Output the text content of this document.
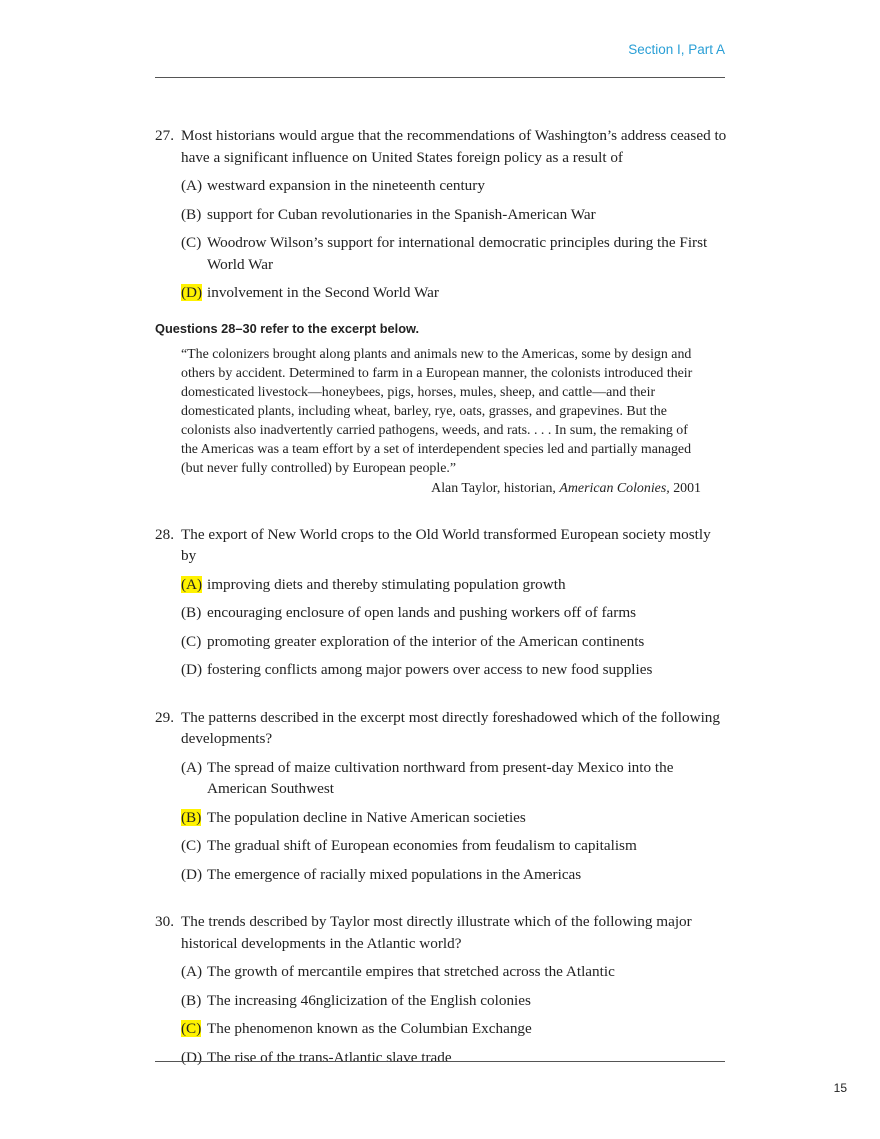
Section I, Part A
27. Most historians would argue that the recommendations of Washington’s address ceased to have a significant influence on United States foreign policy as a result of
(A) westward expansion in the nineteenth century
(B) support for Cuban revolutionaries in the Spanish-American War
(C) Woodrow Wilson’s support for international democratic principles during the First World War
(D) involvement in the Second World War
Questions 28–30 refer to the excerpt below.

“The colonizers brought along plants and animals new to the Americas, some by design and others by accident. Determined to farm in a European manner, the colonists introduced their domesticated livestock—honeybees, pigs, horses, mules, sheep, and cattle—and their domesticated plants, including wheat, barley, rye, oats, grasses, and grapevines. But the colonists also inadvertently carried pathogens, weeds, and rats. . . . In sum, the remaking of the Americas was a team effort by a set of interdependent species led and partially managed (but never fully controlled) by European people.”

Alan Taylor, historian, American Colonies, 2001
28. The export of New World crops to the Old World transformed European society mostly by
(A) improving diets and thereby stimulating population growth
(B) encouraging enclosure of open lands and pushing workers off of farms
(C) promoting greater exploration of the interior of the American continents
(D) fostering conflicts among major powers over access to new food supplies
29. The patterns described in the excerpt most directly foreshadowed which of the following developments?
(A) The spread of maize cultivation northward from present-day Mexico into the American Southwest
(B) The population decline in Native American societies
(C) The gradual shift of European economies from feudalism to capitalism
(D) The emergence of racially mixed populations in the Americas
30. The trends described by Taylor most directly illustrate which of the following major historical developments in the Atlantic world?
(A) The growth of mercantile empires that stretched across the Atlantic
(B) The increasing 46nglicization of the English colonies
(C) The phenomenon known as the Columbian Exchange
(D) The rise of the trans-Atlantic slave trade
15
